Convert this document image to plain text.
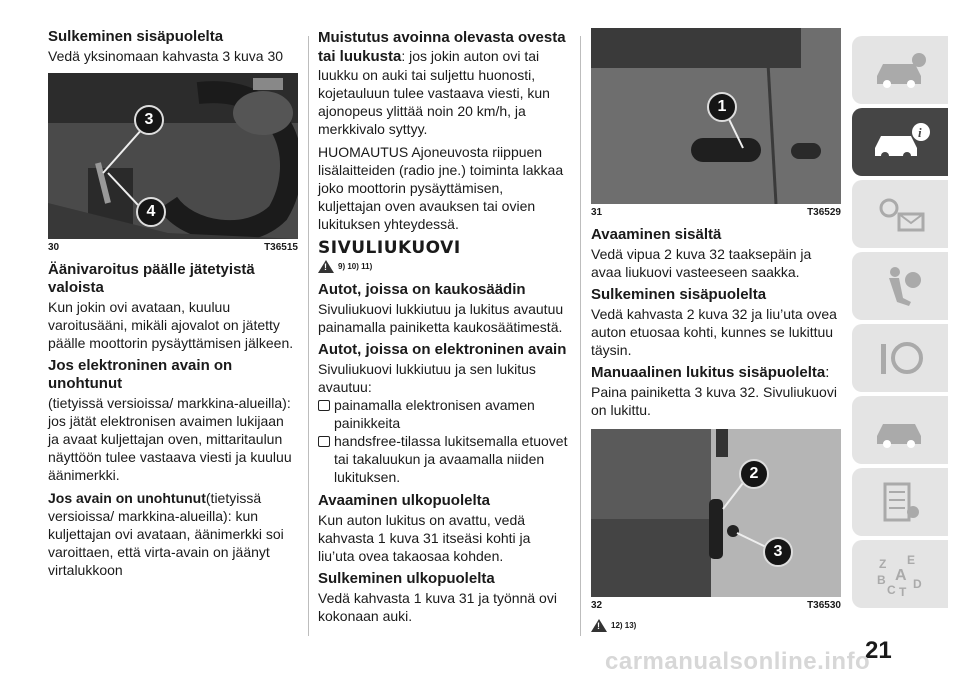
Sulkeminen sisäpuolelta

Vedä yksinomaan kahvasta 3 kuva 30

3
4
30	T36515
Äänivaroitus päälle jätetyistä valoista

Kun jokin ovi avataan, kuuluu varoitusääni, mikäli ajovalot on jätetty päälle moottorin pysäyttämisen jälkeen.

Jos elektroninen avain on unohtunut

(tietyissä versioissa/ markkina-alueilla): jos jätät elektronisen avaimen lukijaan ja avaat kuljettajan oven, mittaritaulun näyttöön tulee vastaava viesti ja kuuluu äänimerkki.

Jos avain on unohtunut(tietyissä versioissa/ markkina-alueilla): kun kuljettajan ovi avataan, äänimerkki soi varoittaen, että virta-avain on jäänyt virtalukkoon

Muistutus avoinna olevasta ovesta tai luukusta: jos jokin auton ovi tai luukku on auki tai suljettu huonosti, kojetauluun tulee vastaava viesti, kun ajonopeus ylittää noin 20 km/h, ja merkkivalo syttyy.

HUOMAUTUS Ajoneuvosta riippuen lisälaitteiden (radio jne.) toiminta lakkaa joko moottorin pysäyttämisen, kuljettajan oven avauksen tai ovien lukituksen yhteydessä.

SIVULIUKUOVI
! 9) 10) 11)
Autot, joissa on kaukosäädin

Sivuliukuovi lukkiutuu ja lukitus avautuu painamalla painiketta kaukosäätimestä.

Autot, joissa on elektroninen avain

Sivuliukuovi lukkiutuu ja sen lukitus avautuu:

painamalla elektronisen avamen painikkeita
handsfree-tilassa lukitsemalla etuovet tai takaluukun ja avaamalla niiden lukituksen.
Avaaminen ulkopuolelta

Kun auton lukitus on avattu, vedä kahvasta 1 kuva 31 itseäsi kohti ja liu’uta ovea takaosaa kohden.

Sulkeminen ulkopuolelta

Vedä kahvasta 1 kuva 31 ja työnnä ovi kokonaan auki.

1
31	T36529
Avaaminen sisältä

Vedä vipua 2 kuva 32 taaksepäin ja avaa liukuovi vasteeseen saakka.

Sulkeminen sisäpuolelta

Vedä kahvasta 2 kuva 32 ja liu’uta ovea auton etuosaa kohti, kunnes se lukittuu täysin.

Manuaalinen lukitus sisäpuolelta:

Paina painiketta 3 kuva 32. Sivuliukuovi on lukittu.

2
3
32	T36530
! 12) 13)
i
Z E
B A
C T
D
21
carmanualsonline.info
